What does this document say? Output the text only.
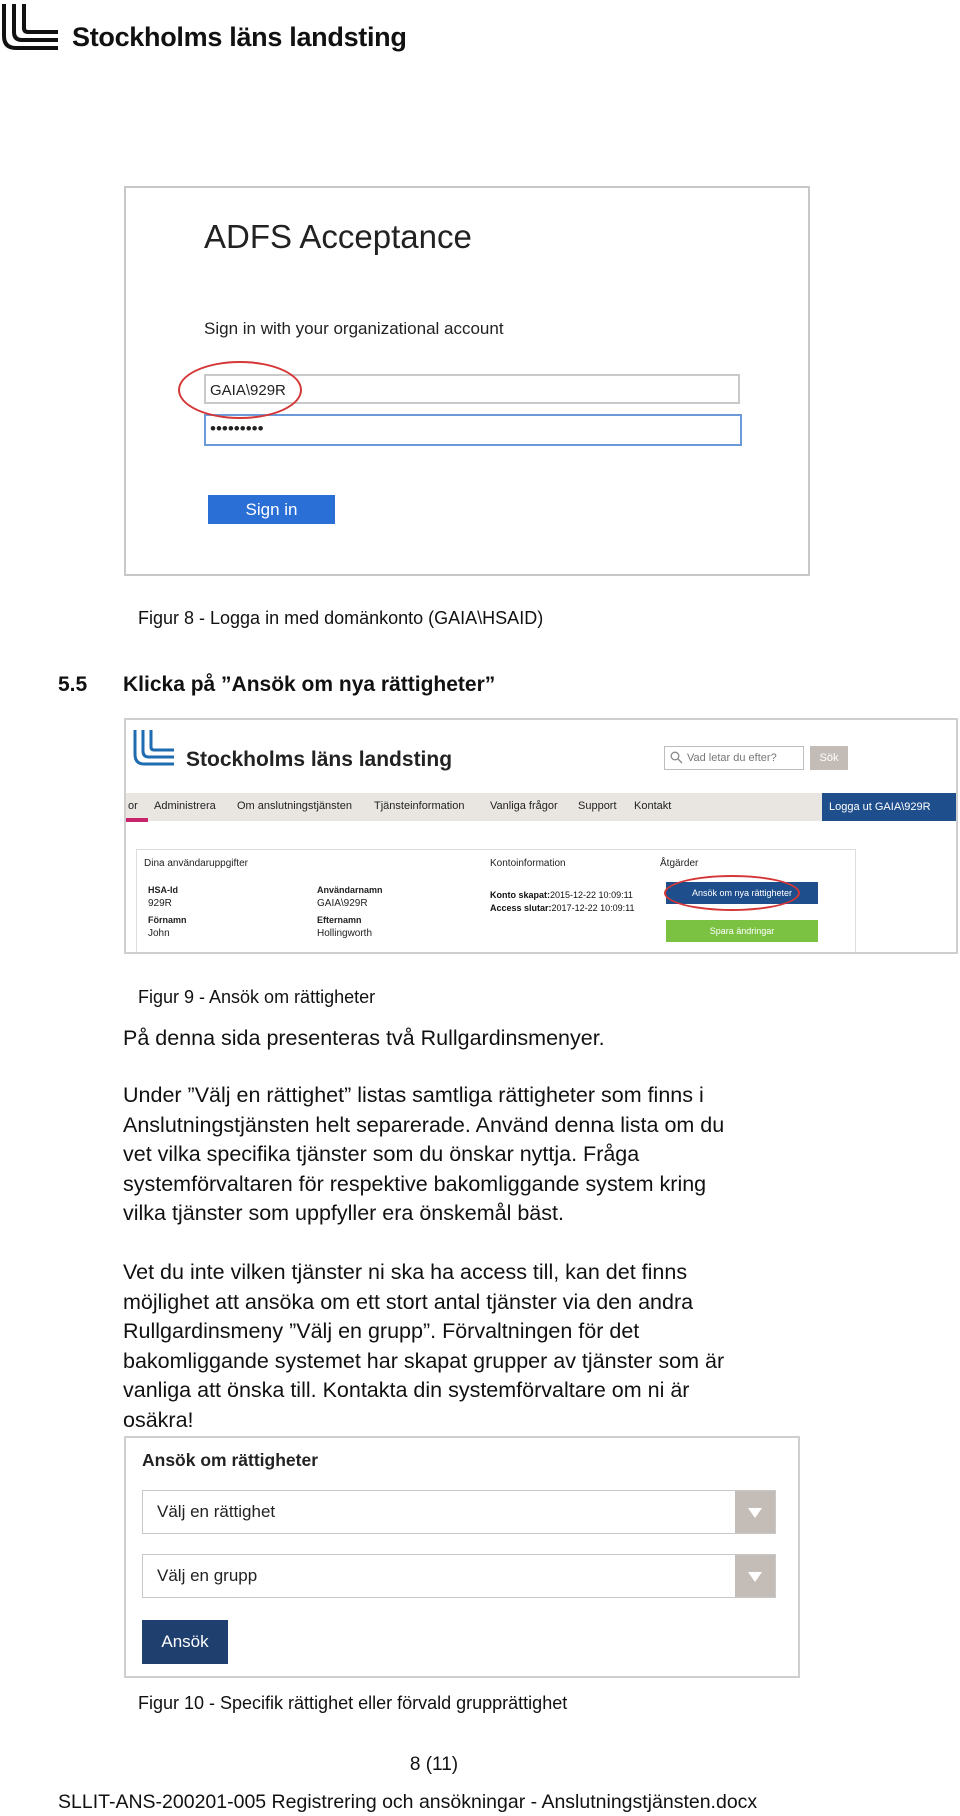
Stockholms läns landsting
ADFS Acceptance
Sign in with your organizational account
GAIA\929R
•••••••••
Sign in
Figur 8 - Logga in med domänkonto (GAIA\HSAID)
5.5 Klicka på ”Ansök om nya rättigheter”
Stockholms läns landsting	Vad letar du efter?	Sök
or Administrera Om anslutningstjänsten Tjänsteinformation Vanliga frågor Support Kontakt	Logga ut GAIA\929R
Dina användaruppgifter
HSA-Id
929R
Förnamn
John
Användarnamn
GAIA\929R
Efternamn
Hollingworth
Kontoinformation
Konto skapat:2015-12-22 10:09:11
Access slutar:2017-12-22 10:09:11
Åtgärder
Ansök om nya rättigheter
Spara ändringar
Figur 9 - Ansök om rättigheter
På denna sida presenteras två Rullgardinsmenyer.
Under ”Välj en rättighet” listas samtliga rättigheter som finns i
Anslutningstjänsten helt separerade. Använd denna lista om du
vet vilka specifika tjänster som du önskar nyttja. Fråga
systemförvaltaren för respektive bakomliggande system kring
vilka tjänster som uppfyller era önskemål bäst.
Vet du inte vilken tjänster ni ska ha access till, kan det finns
möjlighet att ansöka om ett stort antal tjänster via den andra
Rullgardinsmeny ”Välj en grupp”. Förvaltningen för det
bakomliggande systemet har skapat grupper av tjänster som är
vanliga att önska till. Kontakta din systemförvaltare om ni är
osäkra!
Ansök om rättigheter
Välj en rättighet
Välj en grupp
Ansök
Figur 10 - Specifik rättighet eller förvald grupprättighet
8 (11)
SLLIT-ANS-200201-005 Registrering och ansökningar - Anslutningstjänsten.docx
